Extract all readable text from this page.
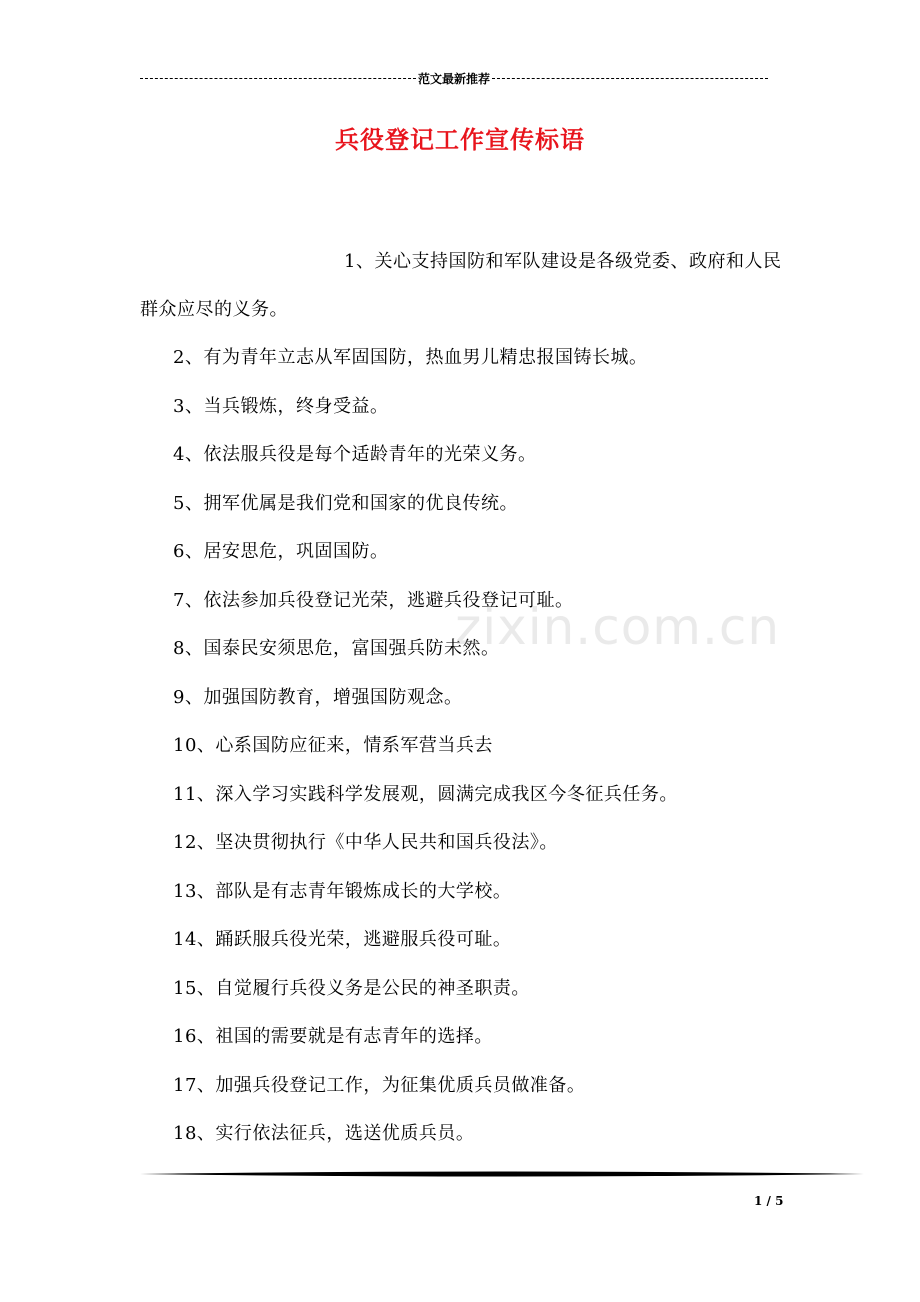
范文最新推荐
兵役登记工作宣传标语

1、关心支持国防和军队建设是各级党委、政府和人民群众应尽的义务。

2、有为青年立志从军固国防，热血男儿精忠报国铸长城。

3、当兵锻炼，终身受益。

4、依法服兵役是每个适龄青年的光荣义务。

5、拥军优属是我们党和国家的优良传统。

6、居安思危，巩固国防。

7、依法参加兵役登记光荣，逃避兵役登记可耻。

8、国泰民安须思危，富国强兵防未然。

9、加强国防教育，增强国防观念。

10、心系国防应征来，情系军营当兵去

11、深入学习实践科学发展观，圆满完成我区今冬征兵任务。

12、坚决贯彻执行《中华人民共和国兵役法》。

13、部队是有志青年锻炼成长的大学校。

14、踊跃服兵役光荣，逃避服兵役可耻。

15、自觉履行兵役义务是公民的神圣职责。

16、祖国的需要就是有志青年的选择。

17、加强兵役登记工作，为征集优质兵员做准备。

18、实行依法征兵，选送优质兵员。

zixin.com.cn
1 / 5
